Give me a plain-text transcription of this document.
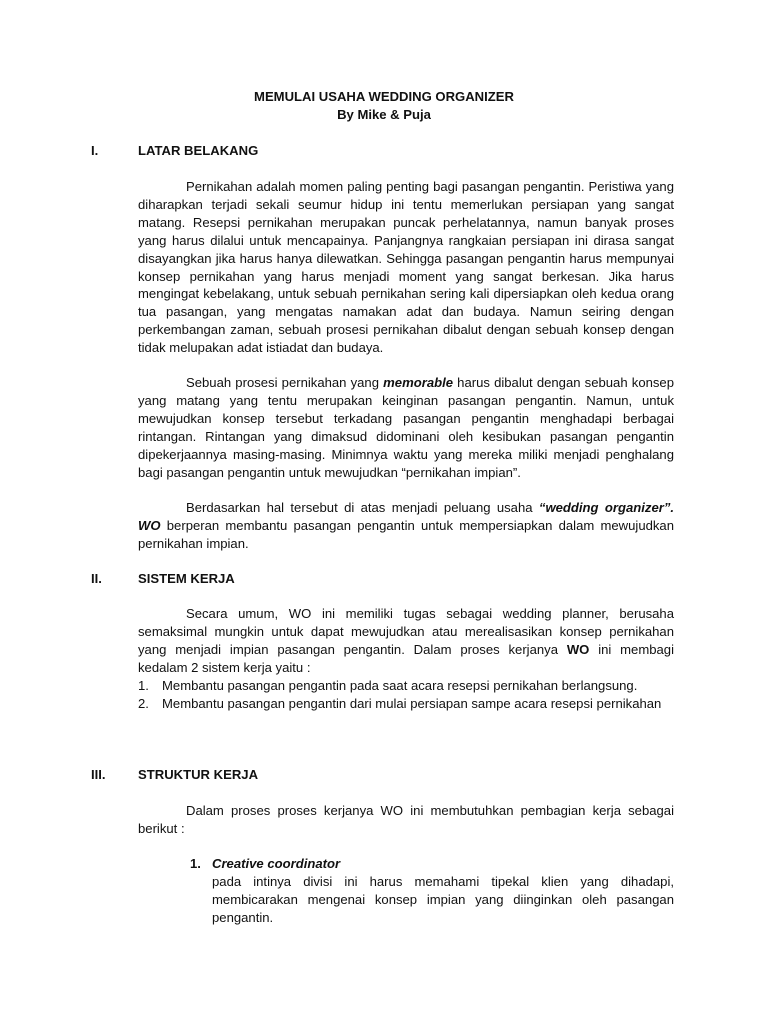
MEMULAI USAHA WEDDING ORGANIZER
By Mike & Puja
I.	LATAR BELAKANG

Pernikahan adalah momen paling penting bagi pasangan pengantin. Peristiwa yang diharapkan terjadi sekali seumur hidup ini tentu memerlukan persiapan yang sangat matang. Resepsi pernikahan merupakan puncak perhelatannya, namun banyak proses yang harus dilalui untuk mencapainya. Panjangnya rangkaian persiapan ini dirasa sangat disayangkan jika harus hanya dilewatkan. Sehingga pasangan pengantin harus mempunyai konsep pernikahan yang harus menjadi moment yang sangat berkesan. Jika harus mengingat kebelakang, untuk sebuah pernikahan sering kali dipersiapkan oleh kedua orang tua pasangan, yang mengatas namakan adat dan budaya. Namun seiring dengan perkembangan zaman, sebuah prosesi pernikahan dibalut dengan sebuah konsep dengan tidak melupakan adat istiadat dan budaya.

Sebuah prosesi pernikahan yang memorable harus dibalut dengan sebuah konsep yang matang yang tentu merupakan keinginan pasangan pengantin. Namun, untuk mewujudkan konsep tersebut terkadang pasangan pengantin menghadapi berbagai rintangan. Rintangan yang dimaksud didominani oleh kesibukan pasangan pengantin dipekerjaannya masing-masing. Minimnya waktu yang mereka miliki menjadi penghalang bagi pasangan pengantin untuk mewujudkan “pernikahan impian”.

Berdasarkan hal tersebut di atas menjadi peluang usaha “wedding organizer”. WO berperan membantu pasangan pengantin untuk mempersiapkan dalam mewujudkan pernikahan impian.

II.	SISTEM KERJA

Secara umum, WO ini memiliki tugas sebagai wedding planner, berusaha semaksimal mungkin untuk dapat mewujudkan atau merealisasikan konsep pernikahan yang menjadi impian pasangan pengantin. Dalam proses kerjanya WO ini membagi kedalam 2 sistem kerja yaitu :

1. Membantu pasangan pengantin pada saat acara resepsi pernikahan berlangsung.
2. Membantu pasangan pengantin dari mulai persiapan sampe acara resepsi pernikahan
III. STRUKTUR KERJA

Dalam proses proses kerjanya WO ini membutuhkan pembagian kerja sebagai berikut :

1. Creative coordinator
pada intinya divisi ini harus memahami tipekal klien yang dihadapi, membicarakan mengenai konsep impian yang diinginkan oleh pasangan pengantin.
